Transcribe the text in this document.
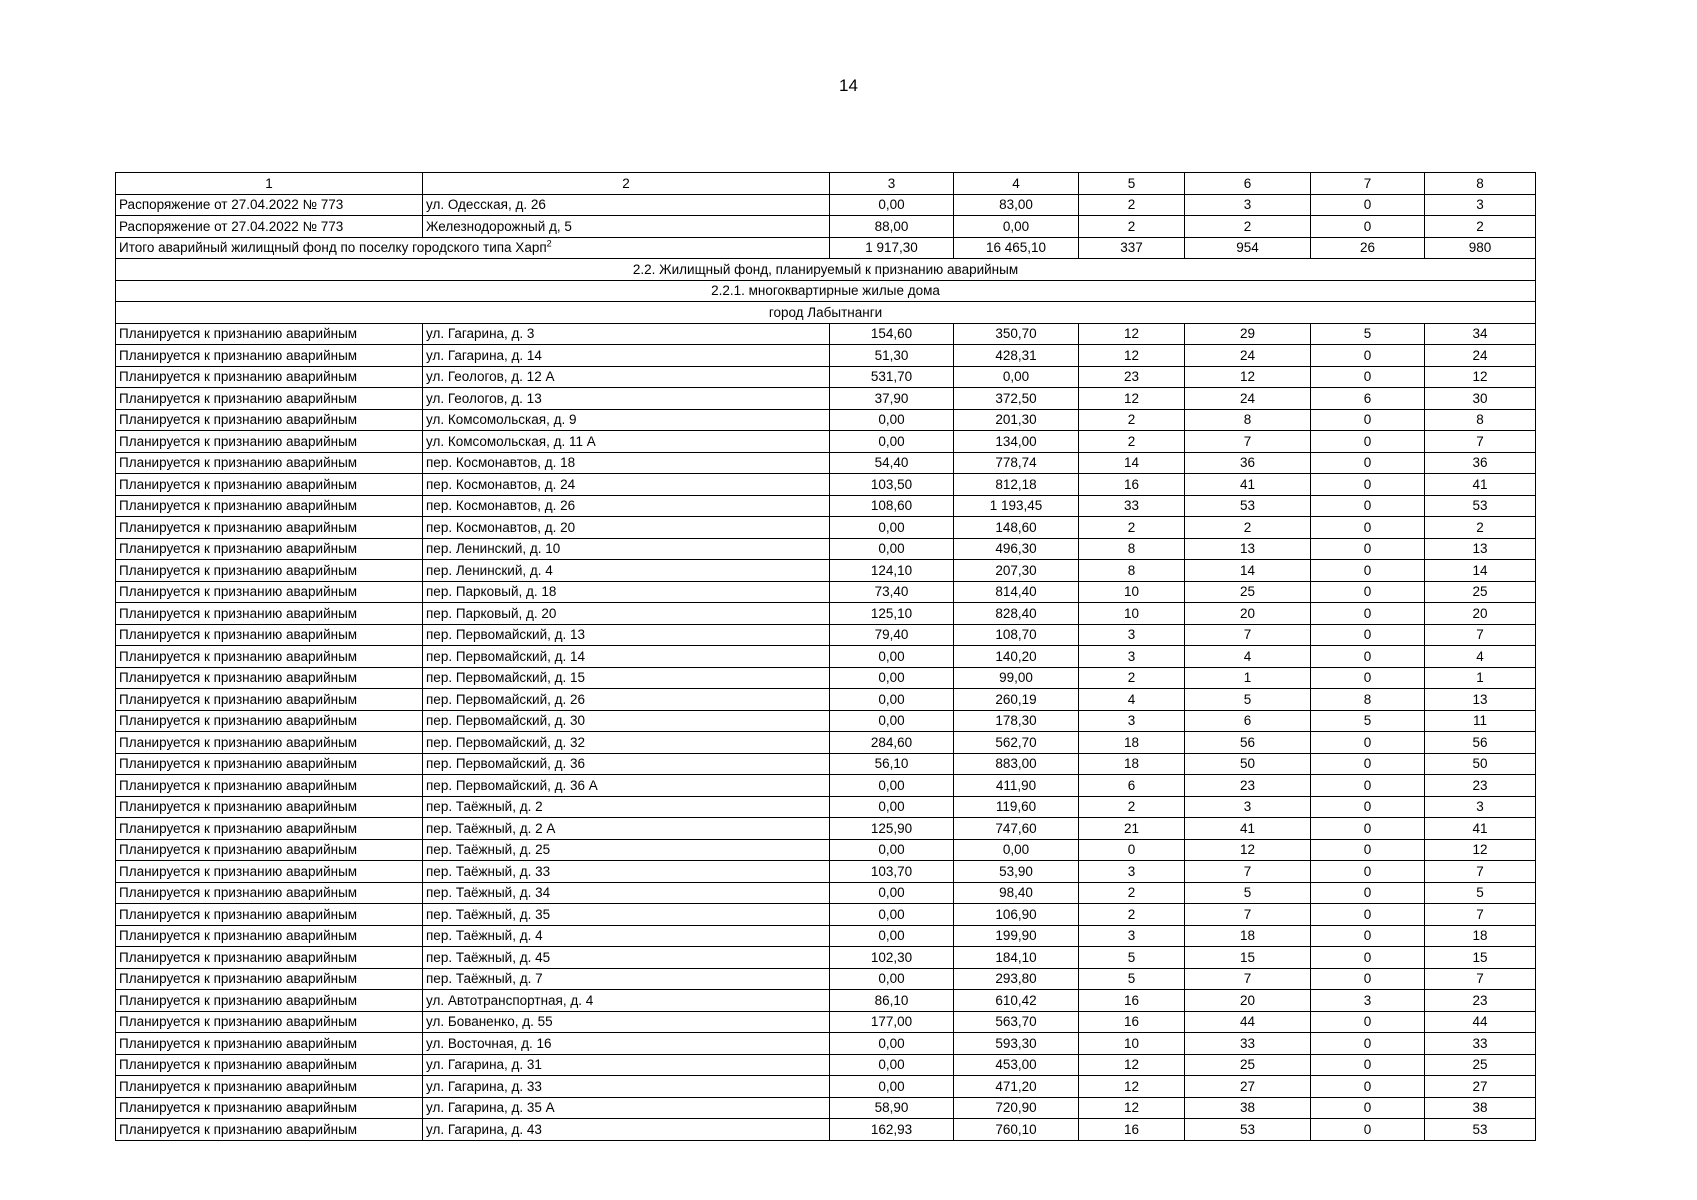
14
1	2	3	4	5	6	7	8
Распоряжение от 27.04.2022 № 773	ул. Одесская, д. 26	0,00	83,00	2	3	0	3
Распоряжение от 27.04.2022 № 773	Железнодорожный д, 5	88,00	0,00	2	2	0	2
Итого аварийный жилищный фонд по поселку городского типа Харп$^2$		1 917,30	16 465,10	337	954	26	980
2.2. Жилищный фонд, планируемый к признанию аварийным							
2.2.1. многоквартирные жилые дома							
город Лабытнанги							
Планируется к признанию аварийным	ул. Гагарина, д. 3	154,60	350,70	12	29	5	34
Планируется к признанию аварийным	ул. Гагарина, д. 14	51,30	428,31	12	24	0	24
Планируется к признанию аварийным	ул. Геологов, д. 12 А	531,70	0,00	23	12	0	12
Планируется к признанию аварийным	ул. Геологов, д. 13	37,90	372,50	12	24	6	30
Планируется к признанию аварийным	ул. Комсомольская, д. 9	0,00	201,30	2	8	0	8
Планируется к признанию аварийным	ул. Комсомольская, д. 11 А	0,00	134,00	2	7	0	7
Планируется к признанию аварийным	пер. Космонавтов, д. 18	54,40	778,74	14	36	0	36
Планируется к признанию аварийным	пер. Космонавтов, д. 24	103,50	812,18	16	41	0	41
Планируется к признанию аварийным	пер. Космонавтов, д. 26	108,60	1 193,45	33	53	0	53
Планируется к признанию аварийным	пер. Космонавтов, д. 20	0,00	148,60	2	2	0	2
Планируется к признанию аварийным	пер. Ленинский, д. 10	0,00	496,30	8	13	0	13
Планируется к признанию аварийным	пер. Ленинский, д. 4	124,10	207,30	8	14	0	14
Планируется к признанию аварийным	пер. Парковый, д. 18	73,40	814,40	10	25	0	25
Планируется к признанию аварийным	пер. Парковый, д. 20	125,10	828,40	10	20	0	20
Планируется к признанию аварийным	пер. Первомайский, д. 13	79,40	108,70	3	7	0	7
Планируется к признанию аварийным	пер. Первомайский, д. 14	0,00	140,20	3	4	0	4
Планируется к признанию аварийным	пер. Первомайский, д. 15	0,00	99,00	2	1	0	1
Планируется к признанию аварийным	пер. Первомайский, д. 26	0,00	260,19	4	5	8	13
Планируется к признанию аварийным	пер. Первомайский, д. 30	0,00	178,30	3	6	5	11
Планируется к признанию аварийным	пер. Первомайский, д. 32	284,60	562,70	18	56	0	56
Планируется к признанию аварийным	пер. Первомайский, д. 36	56,10	883,00	18	50	0	50
Планируется к признанию аварийным	пер. Первомайский, д. 36 А	0,00	411,90	6	23	0	23
Планируется к признанию аварийным	пер. Таёжный, д. 2	0,00	119,60	2	3	0	3
Планируется к признанию аварийным	пер. Таёжный, д. 2 А	125,90	747,60	21	41	0	41
Планируется к признанию аварийным	пер. Таёжный, д. 25	0,00	0,00	0	12	0	12
Планируется к признанию аварийным	пер. Таёжный, д. 33	103,70	53,90	3	7	0	7
Планируется к признанию аварийным	пер. Таёжный, д. 34	0,00	98,40	2	5	0	5
Планируется к признанию аварийным	пер. Таёжный, д. 35	0,00	106,90	2	7	0	7
Планируется к признанию аварийным	пер. Таёжный, д. 4	0,00	199,90	3	18	0	18
Планируется к признанию аварийным	пер. Таёжный, д. 45	102,30	184,10	5	15	0	15
Планируется к признанию аварийным	пер. Таёжный, д. 7	0,00	293,80	5	7	0	7
Планируется к признанию аварийным	ул. Автотранспортная, д. 4	86,10	610,42	16	20	3	23
Планируется к признанию аварийным	ул. Бованенко, д. 55	177,00	563,70	16	44	0	44
Планируется к признанию аварийным	ул. Восточная, д. 16	0,00	593,30	10	33	0	33
Планируется к признанию аварийным	ул. Гагарина, д. 31	0,00	453,00	12	25	0	25
Планируется к признанию аварийным	ул. Гагарина, д. 33	0,00	471,20	12	27	0	27
Планируется к признанию аварийным	ул. Гагарина, д. 35 А	58,90	720,90	12	38	0	38
Планируется к признанию аварийным	ул. Гагарина, д. 43	162,93	760,10	16	53	0	53
